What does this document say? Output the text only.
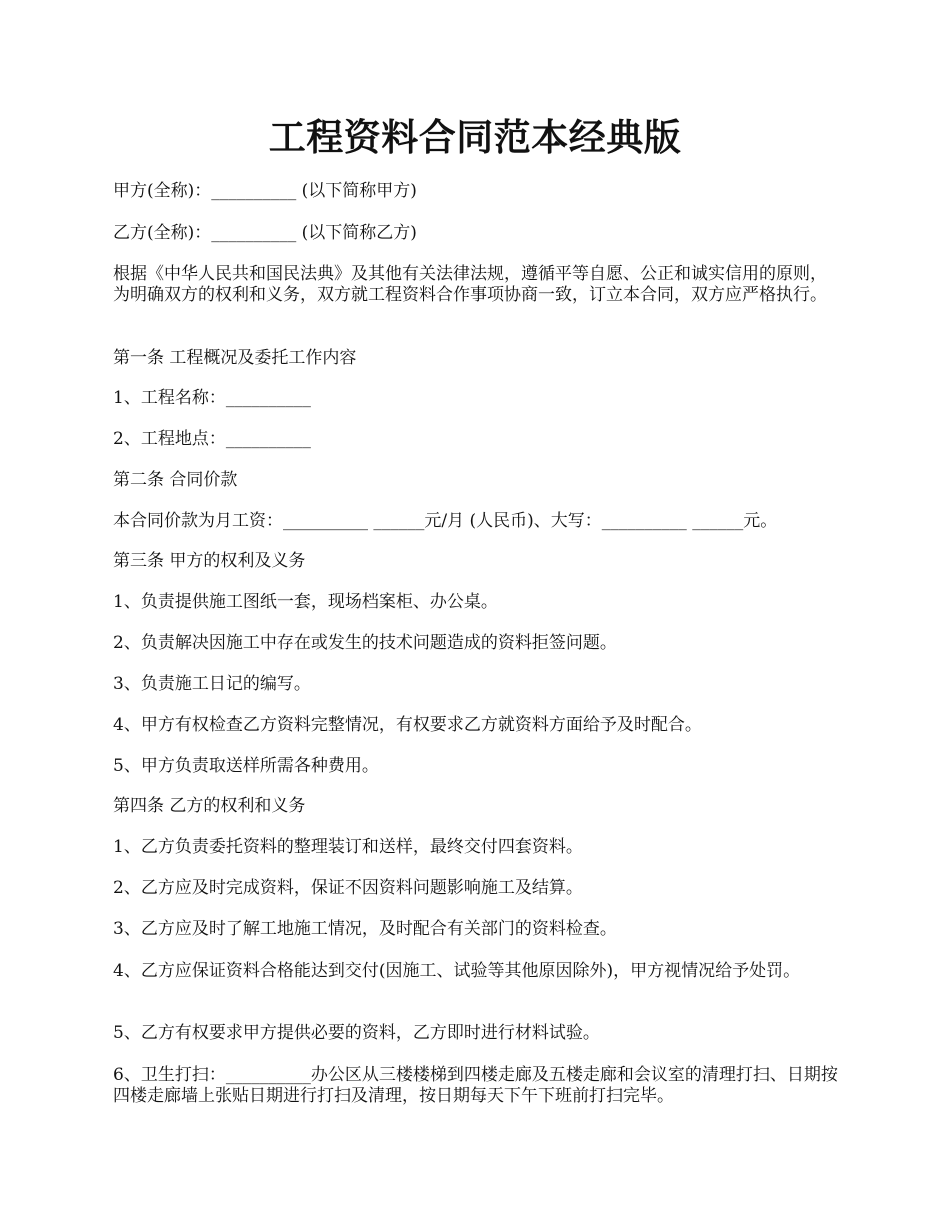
工程资料合同范本经典版
甲方(全称)：__________ (以下简称甲方)
乙方(全称)：__________ (以下简称乙方)
根据《中华人民共和国民法典》及其他有关法律法规，遵循平等自愿、公正和诚实信用的原则，为明确双方的权利和义务，双方就工程资料合作事项协商一致，订立本合同，双方应严格执行。
第一条 工程概况及委托工作内容
1、工程名称：__________
2、工程地点：__________
第二条 合同价款
本合同价款为月工资：__________ ______元/月 (人民币)、大写：__________ ______元。
第三条 甲方的权利及义务
1、负责提供施工图纸一套，现场档案柜、办公桌。
2、负责解决因施工中存在或发生的技术问题造成的资料拒签问题。
3、负责施工日记的编写。
4、甲方有权检查乙方资料完整情况，有权要求乙方就资料方面给予及时配合。
5、甲方负责取送样所需各种费用。
第四条 乙方的权利和义务
1、乙方负责委托资料的整理装订和送样，最终交付四套资料。
2、乙方应及时完成资料，保证不因资料问题影响施工及结算。
3、乙方应及时了解工地施工情况，及时配合有关部门的资料检查。
4、乙方应保证资料合格能达到交付(因施工、试验等其他原因除外)，甲方视情况给予处罚。
5、乙方有权要求甲方提供必要的资料，乙方即时进行材料试验。
6、卫生打扫：__________办公区从三楼楼梯到四楼走廊及五楼走廊和会议室的清理打扫、日期按四楼走廊墙上张贴日期进行打扫及清理，按日期每天下午下班前打扫完毕。
